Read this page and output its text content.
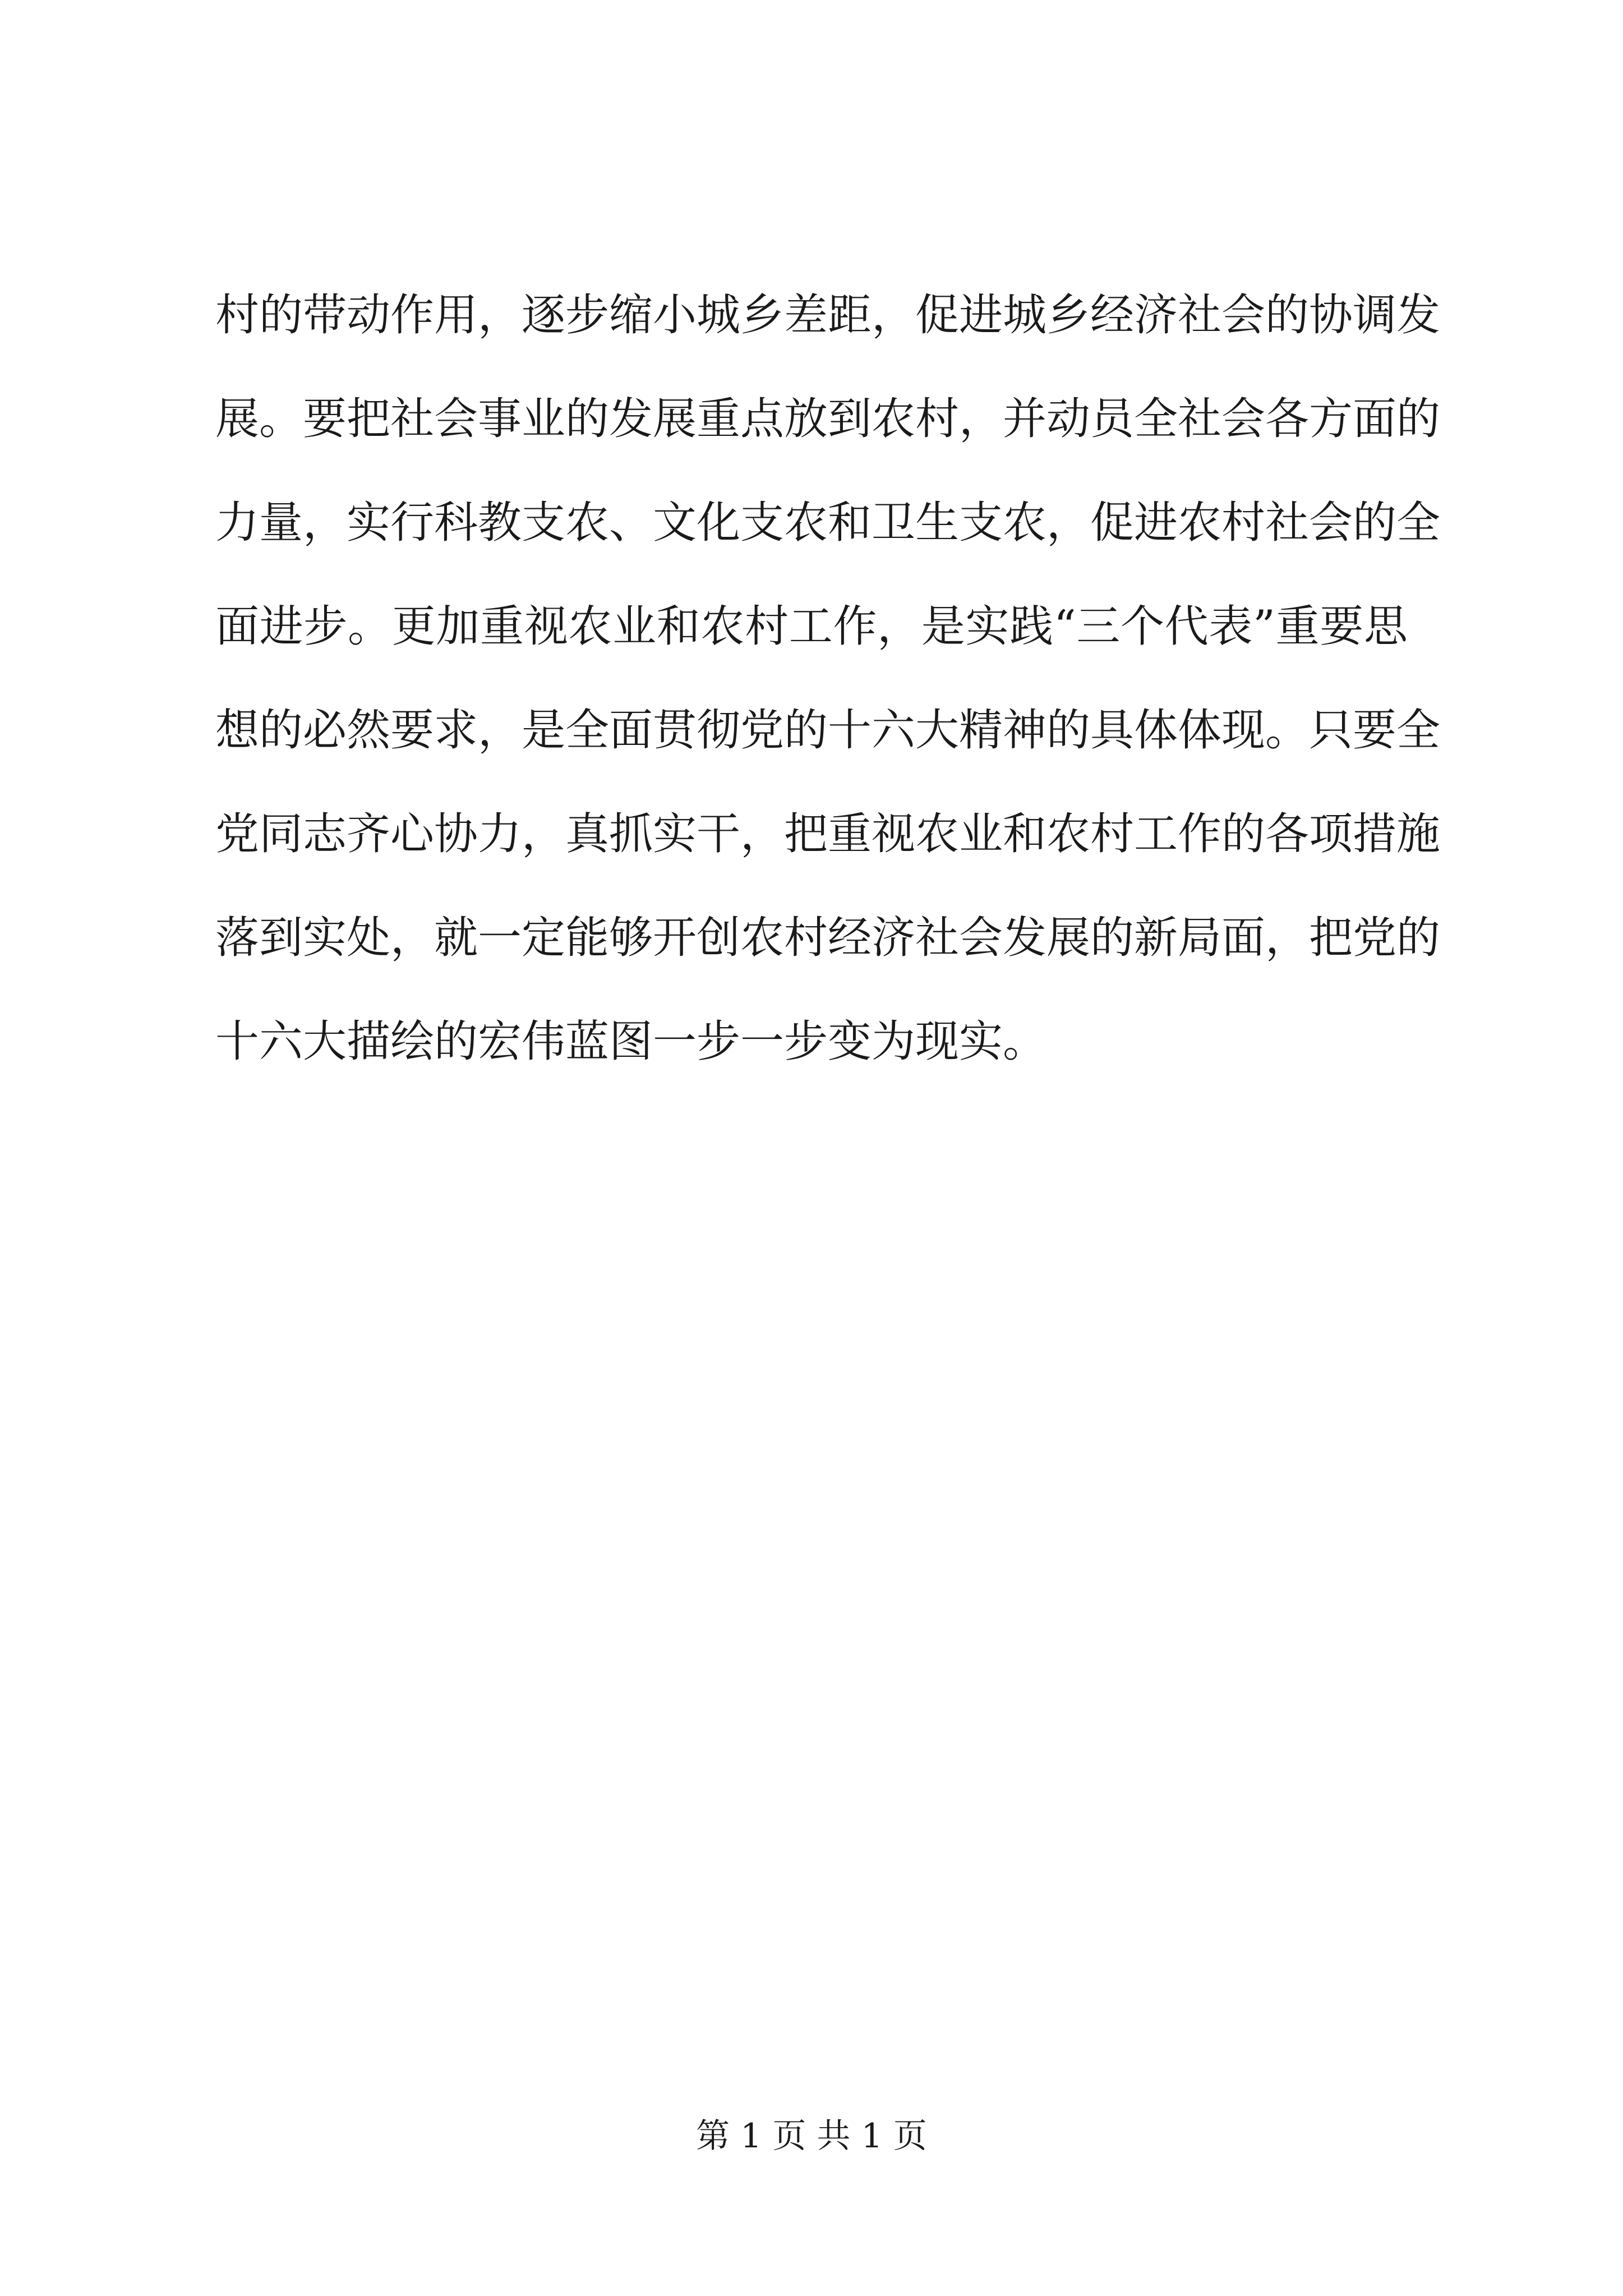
村的带动作用，逐步缩小城乡差距，促进城乡经济社会的协调发
展。要把社会事业的发展重点放到农村，并动员全社会各方面的
力量，实行科教支农、文化支农和卫生支农，促进农村社会的全
面进步。更加重视农业和农村工作，是实践“三个代表”重要思
想的必然要求，是全面贯彻党的十六大精神的具体体现。只要全
党同志齐心协力，真抓实干，把重视农业和农村工作的各项措施
落到实处，就一定能够开创农村经济社会发展的新局面，把党的
十六大描绘的宏伟蓝图一步一步变为现实。
第 1 页 共 1 页
